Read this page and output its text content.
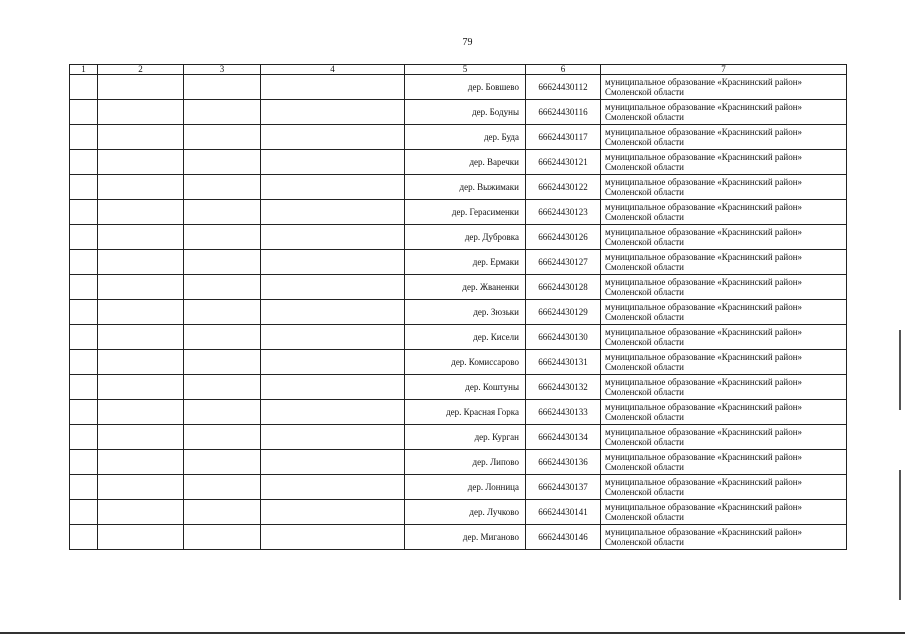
79
1	2	3	4	5	6	7
				дер. Бовшево	66624430112	муниципальное образование «Краснинский район»
Смоленской области

				дер. Бодуны	66624430116	муниципальное образование «Краснинский район»
Смоленской области

				дер. Буда	66624430117	муниципальное образование «Краснинский район»
Смоленской области

				дер. Варечки	66624430121	муниципальное образование «Краснинский район»
Смоленской области

				дер. Выжимаки	66624430122	муниципальное образование «Краснинский район»
Смоленской области

				дер. Герасименки	66624430123	муниципальное образование «Краснинский район»
Смоленской области

				дер. Дубровка	66624430126	муниципальное образование «Краснинский район»
Смоленской области

				дер. Ермаки	66624430127	муниципальное образование «Краснинский район»
Смоленской области

				дер. Жваненки	66624430128	муниципальное образование «Краснинский район»
Смоленской области

				дер. Зюзьки	66624430129	муниципальное образование «Краснинский район»
Смоленской области

				дер. Кисели	66624430130	муниципальное образование «Краснинский район»
Смоленской области

				дер. Комиссарово	66624430131	муниципальное образование «Краснинский район»
Смоленской области

				дер. Коштуны	66624430132	муниципальное образование «Краснинский район»
Смоленской области

				дер. Красная Горка	66624430133	муниципальное образование «Краснинский район»
Смоленской области

				дер. Курган	66624430134	муниципальное образование «Краснинский район»
Смоленской области

				дер. Липово	66624430136	муниципальное образование «Краснинский район»
Смоленской области

				дер. Лонница	66624430137	муниципальное образование «Краснинский район»
Смоленской области

				дер. Лучково	66624430141	муниципальное образование «Краснинский район»
Смоленской области

				дер. Миганово	66624430146	муниципальное образование «Краснинский район»
Смоленской области
